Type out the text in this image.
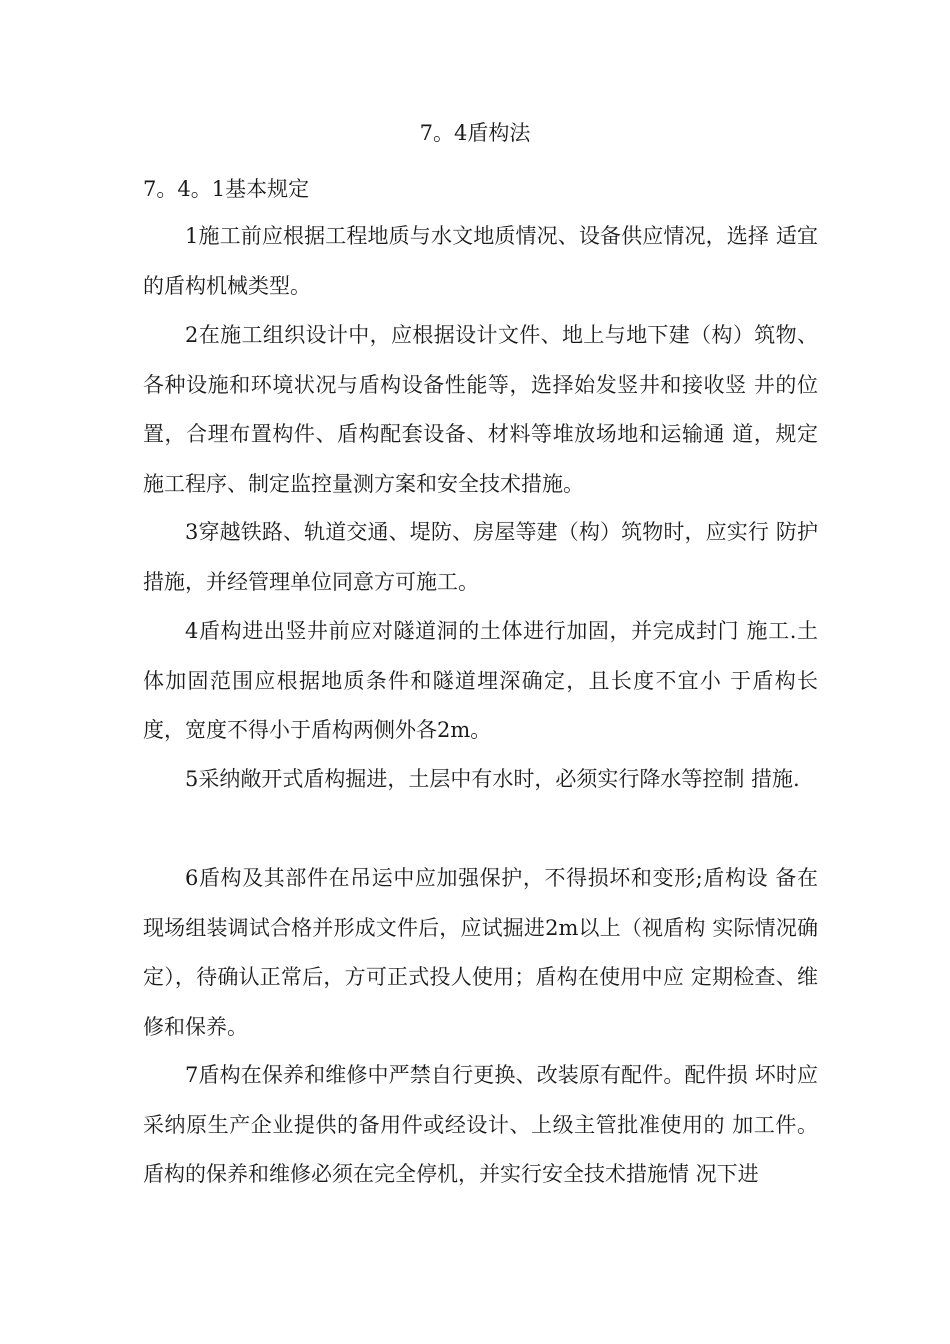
7。4盾构法
7。4。1基本规定

1施工前应根据工程地质与水文地质情况、设备供应情况，选择 适宜的盾构机械类型。

2在施工组织设计中，应根据设计文件、地上与地下建（构）筑物、各种设施和环境状况与盾构设备性能等，选择始发竖井和接收竖 井的位置，合理布置构件、盾构配套设备、材料等堆放场地和运输通 道，规定施工程序、制定监控量测方案和安全技术措施。

3穿越铁路、轨道交通、堤防、房屋等建（构）筑物时，应实行 防护措施，并经管理单位同意方可施工。

4盾构进出竖井前应对隧道洞的土体进行加固，并完成封门 施工.土体加固范围应根据地质条件和隧道埋深确定，且长度不宜小 于盾构长度，宽度不得小于盾构两侧外各2m。

5采纳敞开式盾构掘进，土层中有水时，必须实行降水等控制 措施.

6盾构及其部件在吊运中应加强保护，不得损坏和变形;盾构设 备在现场组装调试合格并形成文件后，应试掘进2m以上（视盾构 实际情况确定），待确认正常后，方可正式投人使用；盾构在使用中应 定期检查、维修和保养。

7盾构在保养和维修中严禁自行更换、改装原有配件。配件损 坏时应采纳原生产企业提供的备用件或经设计、上级主管批准使用的 加工件。盾构的保养和维修必须在完全停机，并实行安全技术措施情 况下进
